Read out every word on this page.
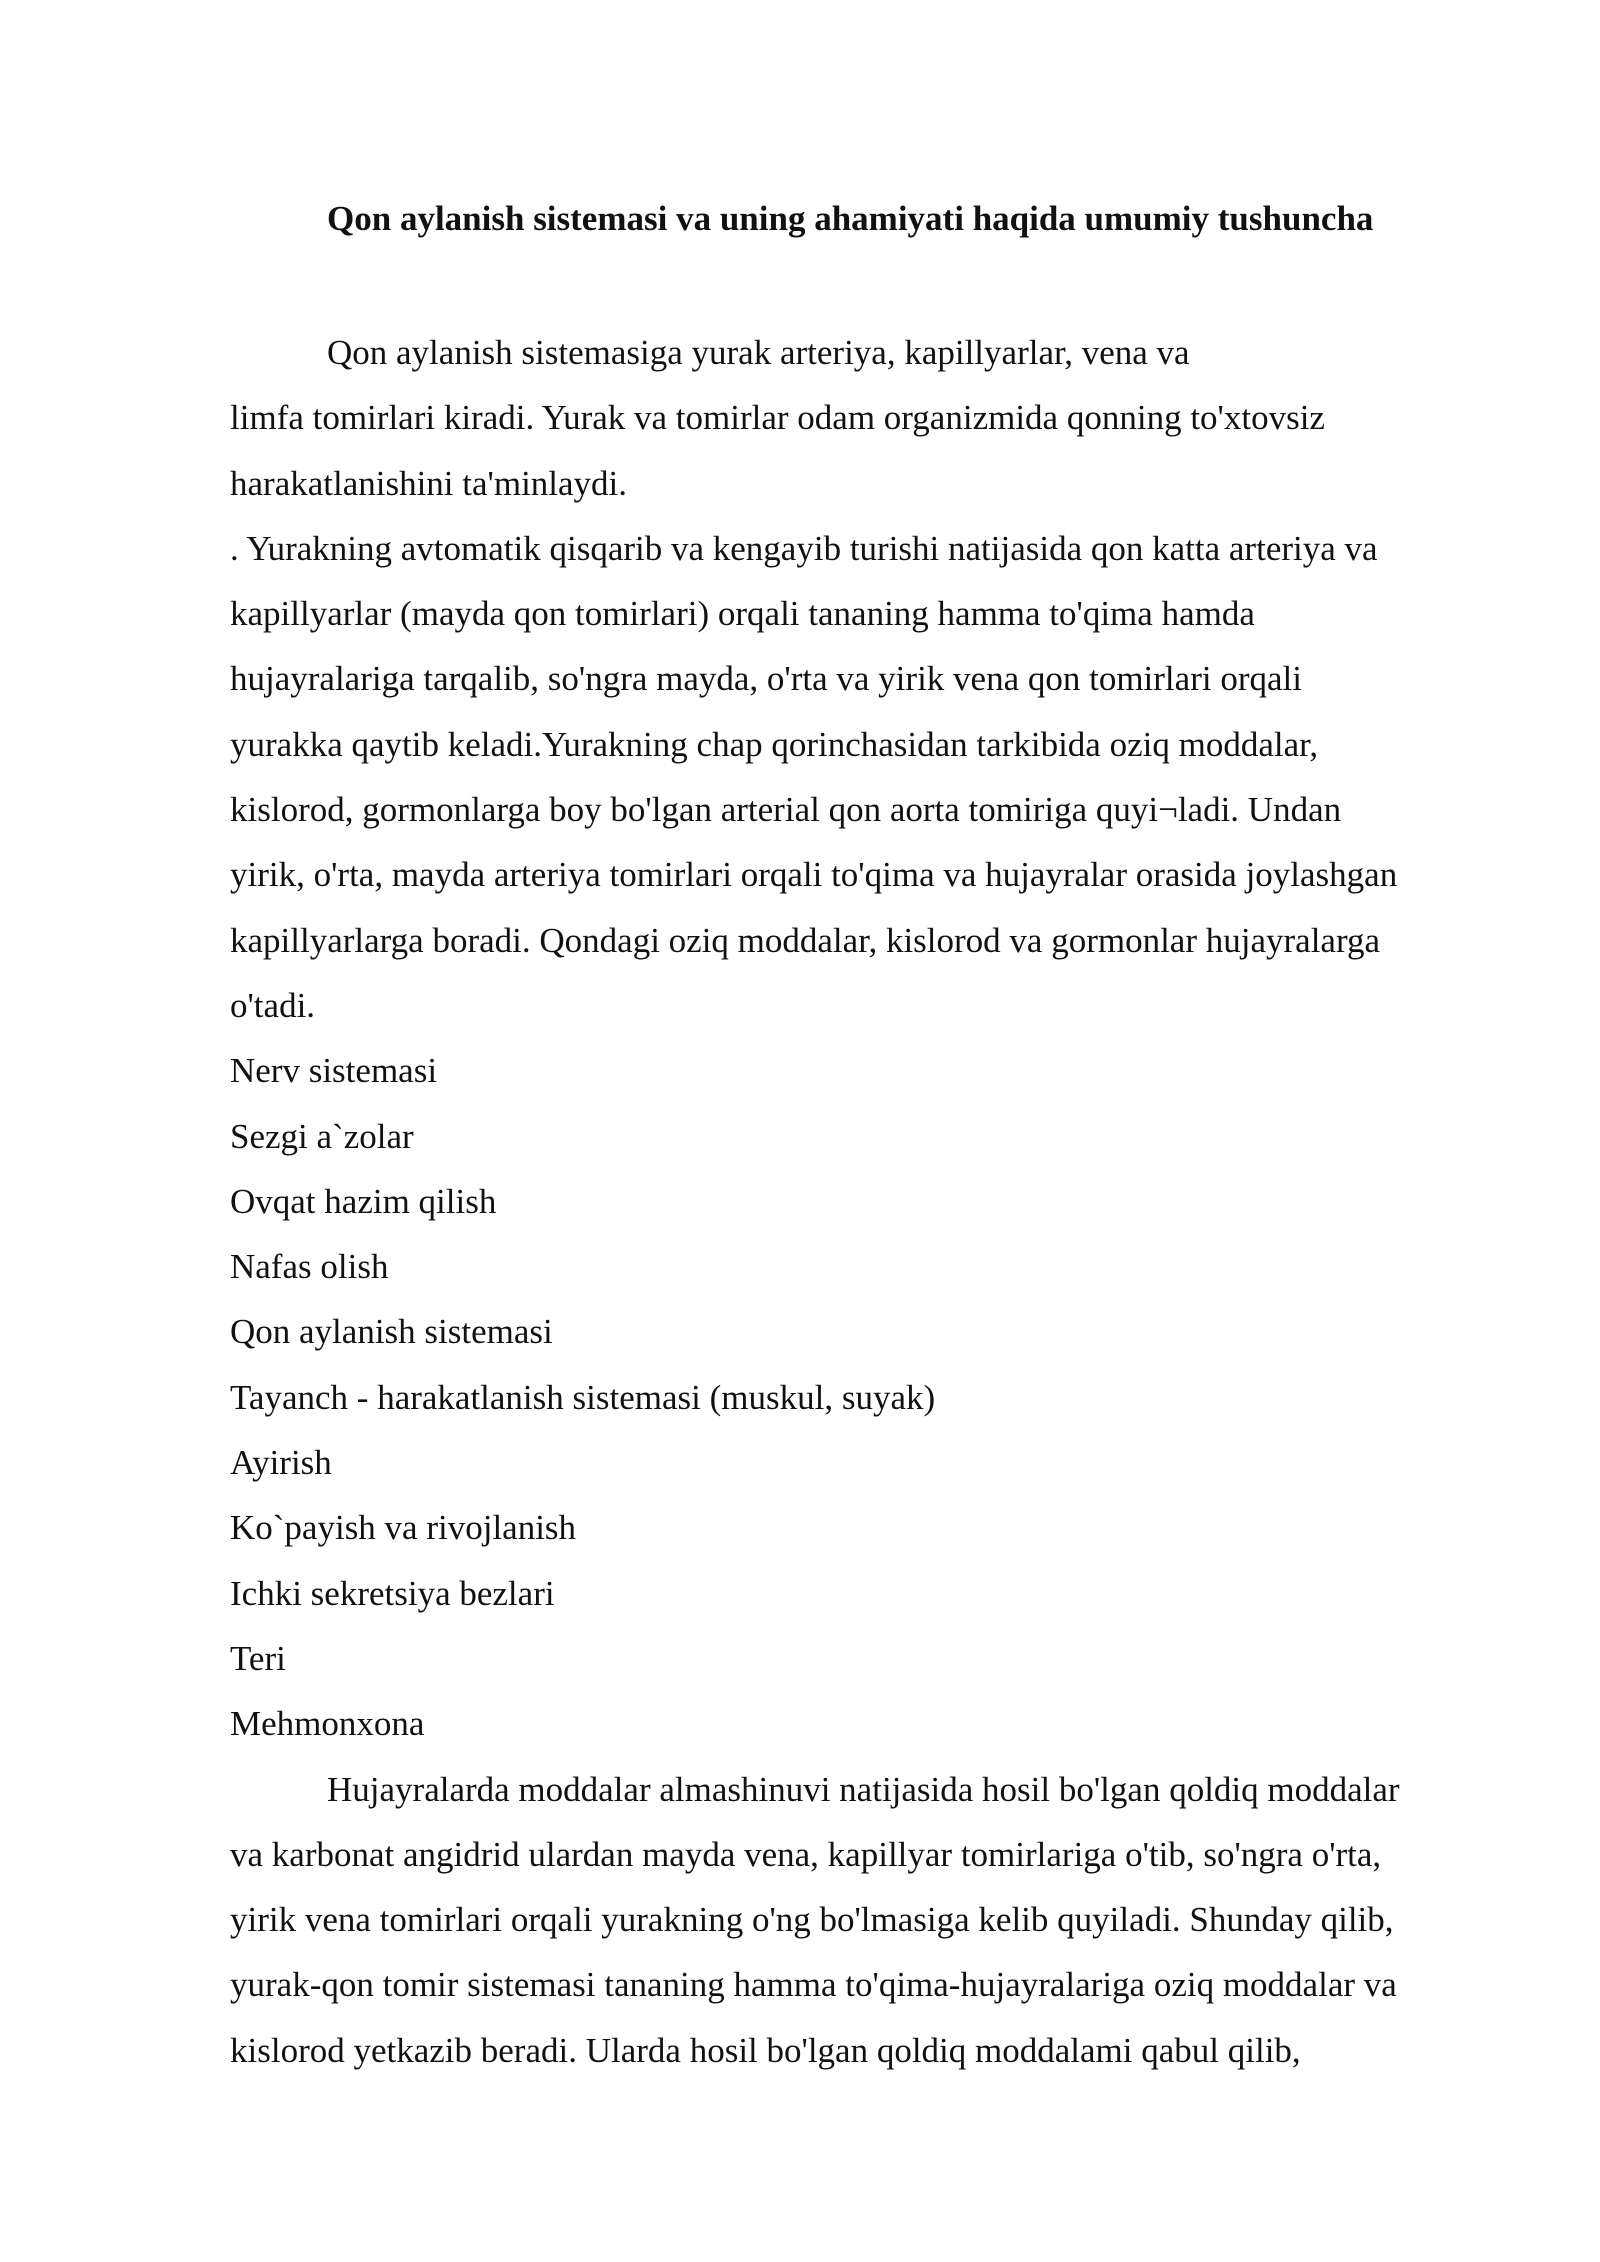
Qon aylanish sistemasi va uning ahamiyati haqida umumiy tushuncha
Qon aylanish sistemasiga yurak arteriya, kapillyarlar, vena va
limfa tomirlari kiradi. Yurak va tomirlar odam organizmida qonning to'xtovsiz
harakatlanishini ta'minlaydi.
. Yurakning avtomatik qisqarib va kengayib turishi natijasida qon katta arteriya va
kapillyarlar (mayda qon tomirlari) orqali tananing hamma to'qima hamda
hujayralariga tarqalib, so'ngra mayda, o'rta va yirik vena qon tomirlari orqali
yurakka qaytib keladi.Yurakning chap qorinchasidan tarkibida oziq moddalar,
kislorod, gormonlarga boy bo'lgan arterial qon aorta tomiriga quyi¬ladi. Undan
yirik, o'rta, mayda arteriya tomirlari orqali to'qima va hujayralar orasida joylashgan
kapillyarlarga boradi. Qondagi oziq moddalar, kislorod va gormonlar hujayralarga
o'tadi.
Nerv sistemasi
Sezgi a`zolar
Ovqat hazim qilish
Nafas olish
Qon aylanish sistemasi
Tayanch - harakatlanish sistemasi (muskul, suyak)
Ayirish
Ko`payish va rivojlanish
Ichki sekretsiya bezlari
Teri
Mehmonxona
Hujayralarda moddalar almashinuvi natijasida hosil bo'lgan qoldiq moddalar
va karbonat angidrid ulardan mayda vena, kapillyar tomirlariga o'tib, so'ngra o'rta,
yirik vena tomirlari orqali yurakning o'ng bo'lmasiga kelib quyiladi. Shunday qilib,
yurak-qon tomir sistemasi tananing hamma to'qima-hujayralariga oziq moddalar va
kislorod yetkazib beradi. Ularda hosil bo'lgan qoldiq moddalami qabul qilib,
